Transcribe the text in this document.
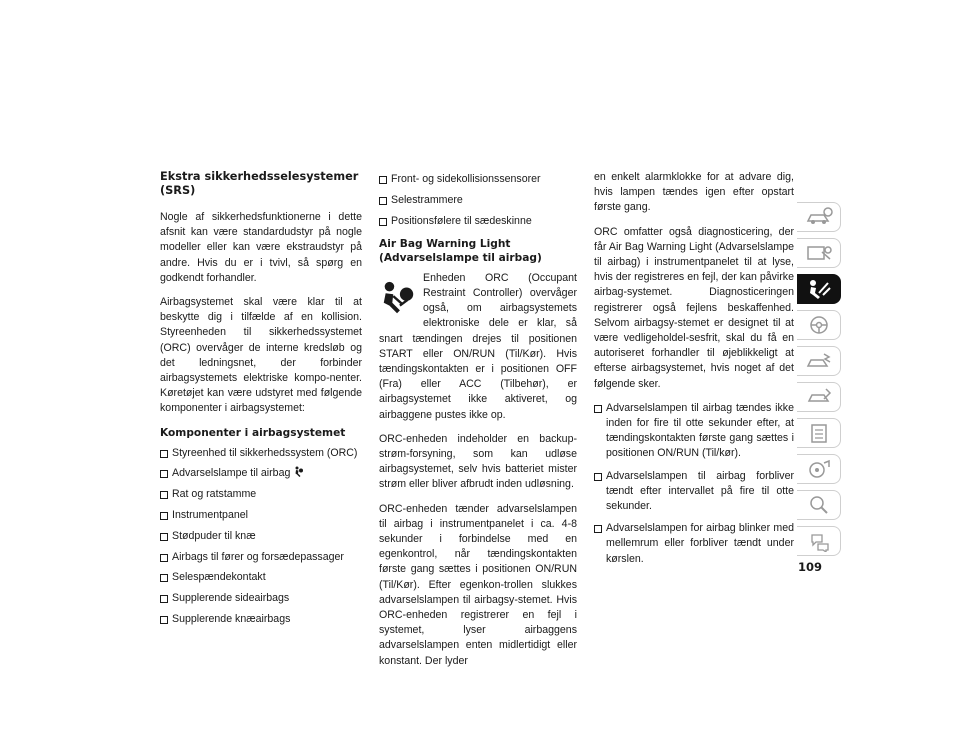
Ekstra sikkerhedsselesystemer (SRS)

Nogle af sikkerhedsfunktionerne i dette afsnit kan være standardudstyr på nogle modeller eller kan være ekstraudstyr på andre. Hvis du er i tvivl, så spørg en godkendt forhandler.

Airbagsystemet skal være klar til at beskytte dig i tilfælde af en kollision. Styreenheden til sikkerhedssystemet (ORC) overvåger de interne kredsløb og det ledningsnet, der forbinder airbagsystemets elektriske kompo-nenter. Køretøjet kan være udstyret med følgende komponenter i airbagsystemet:

Komponenter i airbagsystemet
Styreenhed til sikkerhedssystem (ORC)
Advarselslampe til airbag
Rat og ratstamme
Instrumentpanel
Stødpuder til knæ
Airbags til fører og forsædepassager
Selespændekontakt
Supplerende sideairbags
Supplerende knæairbags
Front- og sidekollisionssensorer
Selestrammere
Positionsfølere til sædeskinne
Air Bag Warning Light (Advarselslampe til airbag)

Enheden ORC (Occupant Restraint Controller) overvåger også, om airbagsystemets elektroniske dele er klar, så snart tændingen drejes til positionen START eller ON/RUN (Til/Kør). Hvis tændingskontakten er i positionen OFF (Fra) eller ACC (Tilbehør), er airbagsystemet ikke aktiveret, og airbaggene pustes ikke op.

ORC-enheden indeholder en backup-strøm-forsyning, som kan udløse airbagsystemet, selv hvis batteriet mister strøm eller bliver afbrudt inden udløsning.

ORC-enheden tænder advarselslampen til airbag i instrumentpanelet i ca. 4-8 sekunder i forbindelse med en egenkontrol, når tændingskontakten første gang sættes i positionen ON/RUN (Til/Kør). Efter egenkon-trollen slukkes advarselslampen til airbagsy-stemet. Hvis ORC-enheden registrerer en fejl i systemet, lyser airbaggens advarselslampen enten midlertidigt eller konstant. Der lyder

en enkelt alarmklokke for at advare dig, hvis lampen tændes igen efter opstart første gang.

ORC omfatter også diagnosticering, der får Air Bag Warning Light (Advarselslampe til airbag) i instrumentpanelet til at lyse, hvis der registreres en fejl, der kan påvirke airbag-systemet. Diagnosticeringen registrerer også fejlens beskaffenhed. Selvom airbagsy-stemet er designet til at være vedligeholdel-sesfrit, skal du få en autoriseret forhandler til øjeblikkeligt at efterse airbagsystemet, hvis noget af det følgende sker.

Advarselslampen til airbag tændes ikke inden for fire til otte sekunder efter, at tændingskontakten første gang sættes i positionen ON/RUN (Til/kør).
Advarselslampen til airbag forbliver tændt efter intervallet på fire til otte sekunder.
Advarselslampen for airbag blinker med mellemrum eller forbliver tændt under kørslen.
109
